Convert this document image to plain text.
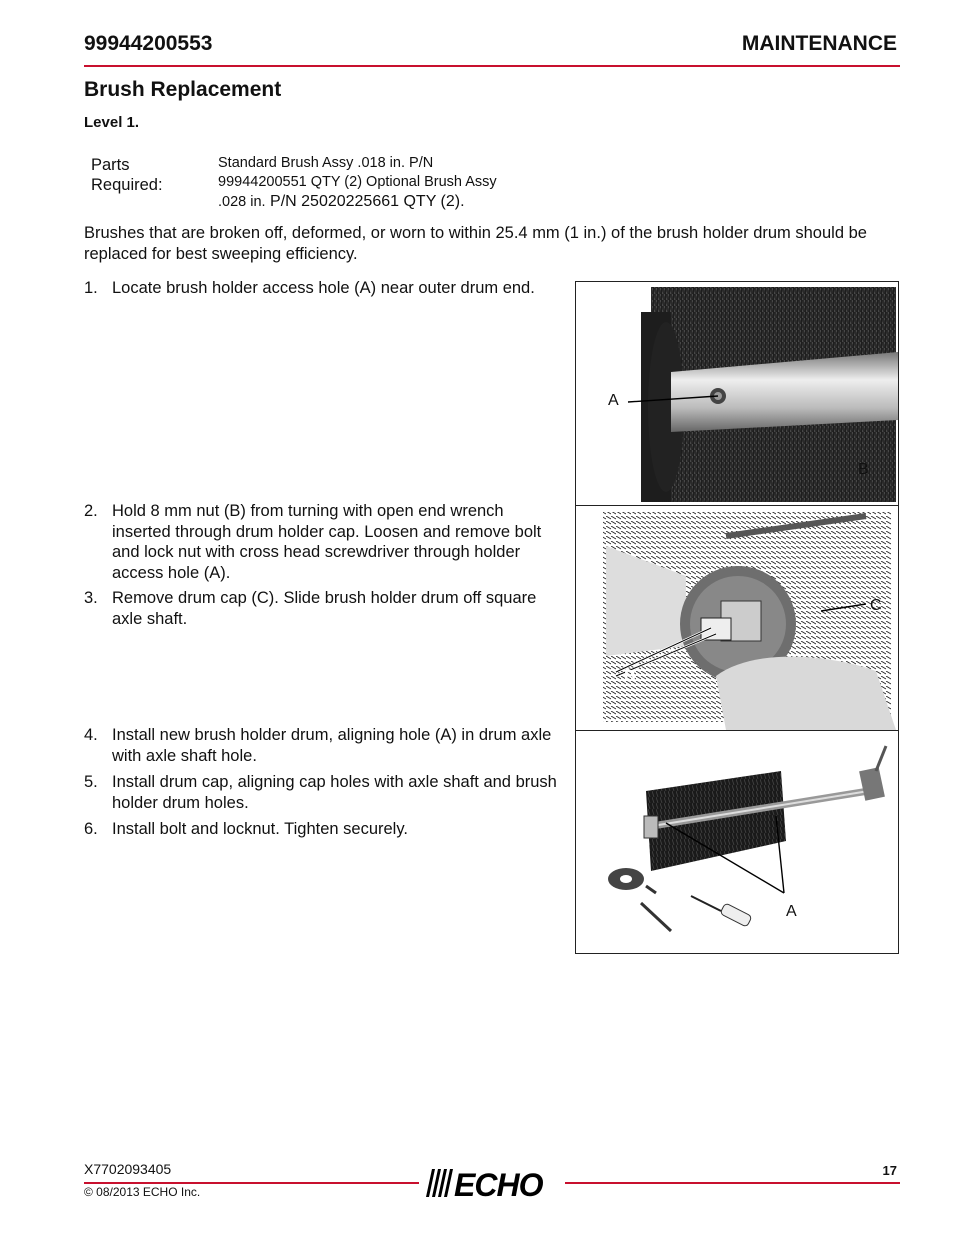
99944200553	MAINTENANCE
Brush Replacement
Level 1.
Parts
Required:
Standard Brush Assy .018 in. P/N
99944200551 QTY (2) Optional Brush Assy
.028 in. P/N 25020225661 QTY (2).
Brushes that are broken off, deformed, or worn to within 25.4 mm (1 in.) of the brush holder drum should be replaced for best sweeping efficiency.
1. Locate brush holder access hole (A) near outer drum end.
2. Hold 8 mm nut (B) from turning with open end wrench inserted through drum holder cap. Loosen and remove bolt and lock nut with cross head screwdriver through holder access hole (A).
3. Remove drum cap (C). Slide brush holder drum off square axle shaft.
4. Install new brush holder drum, aligning hole (A) in drum axle with axle shaft hole.
5. Install drum cap, aligning cap holes with axle shaft and brush holder drum holes.
6. Install bolt and locknut. Tighten securely.
A
B
C
B
A
X7702093405
© 08/2013 ECHO Inc.
17
ECHO
